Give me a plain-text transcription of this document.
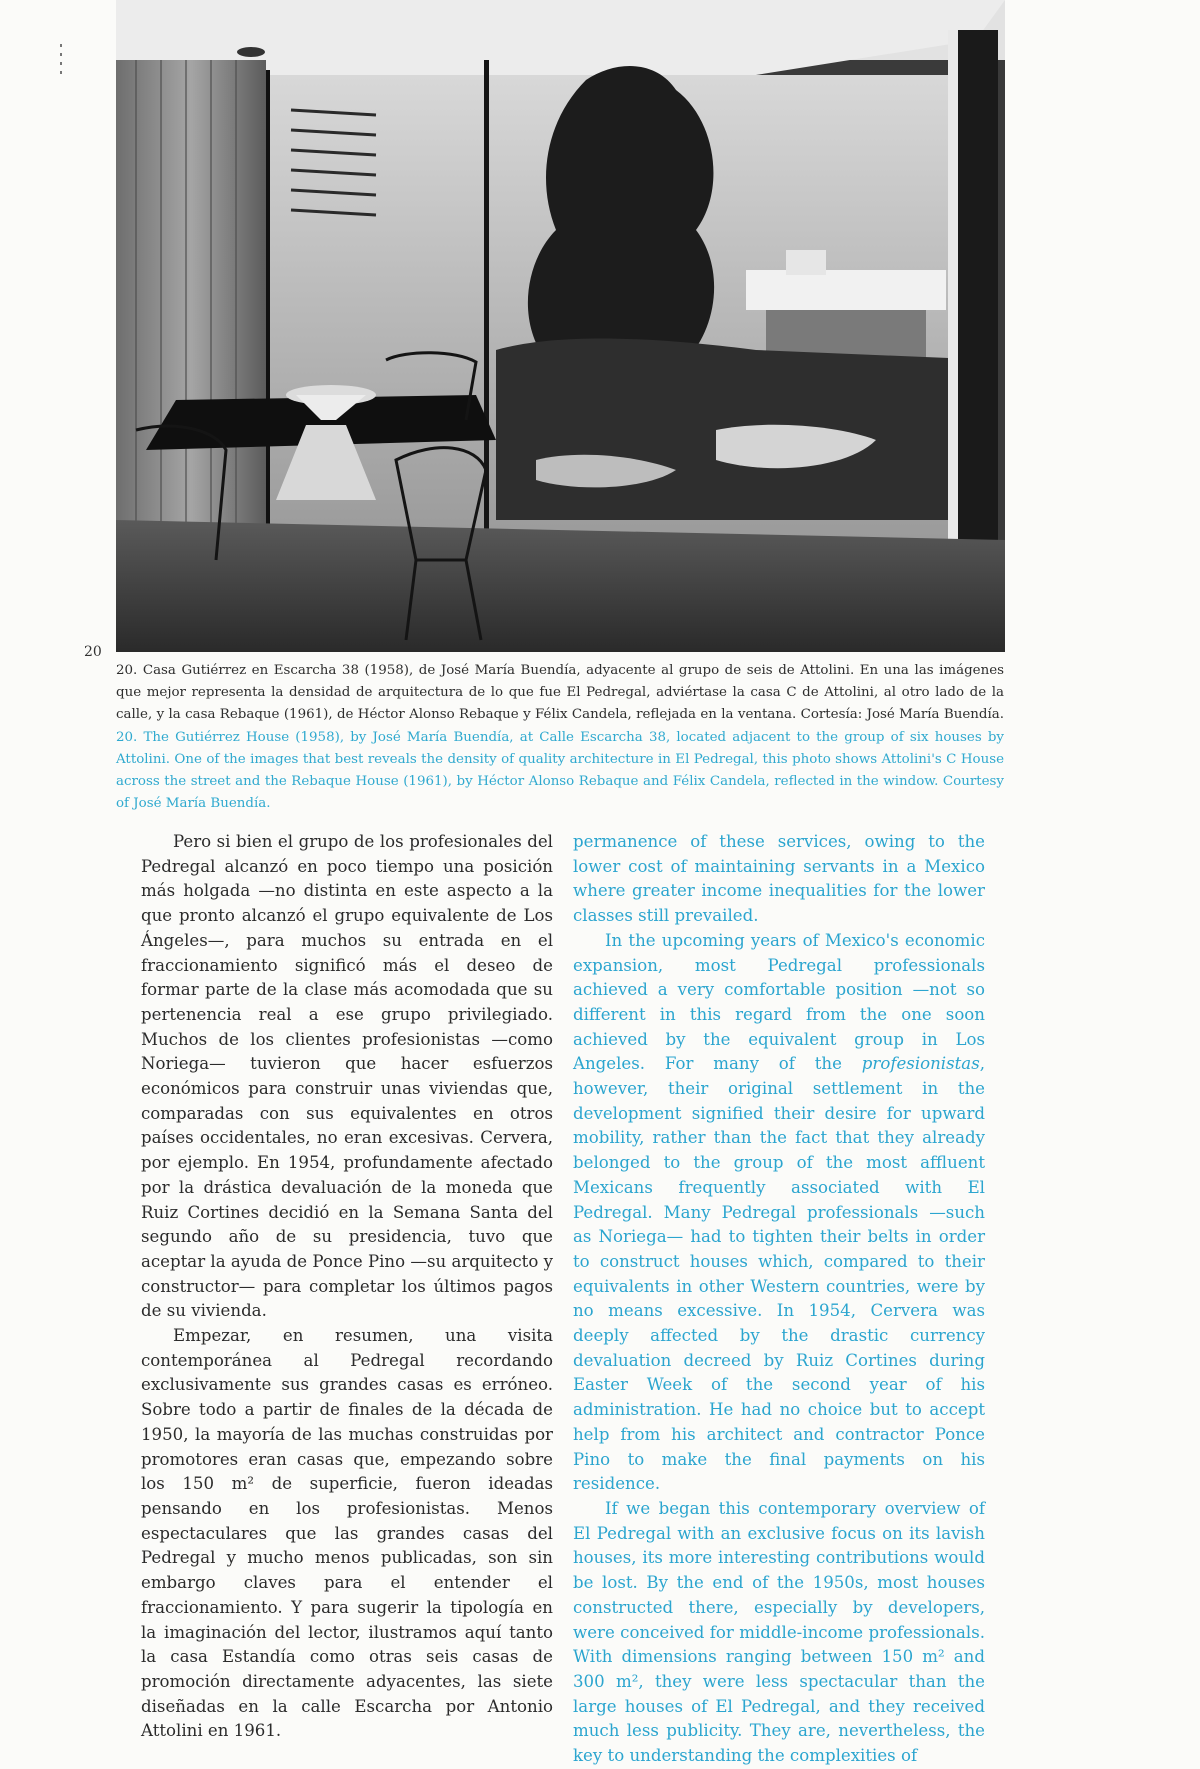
20
20. Casa Gutiérrez en Escarcha 38 (1958), de José María Buendía, adyacente al grupo de seis de Attolini. En una las imágenes que mejor representa la densidad de arquitectura de lo que fue El Pedregal, adviértase la casa C de Attolini, al otro lado de la calle, y la casa Rebaque (1961), de Héctor Alonso Rebaque y Félix Candela, reflejada en la ventana. Cortesía: José María Buendía. 20. The Gutiérrez House (1958), by José María Buendía, at Calle Escarcha 38, located adjacent to the group of six houses by Attolini. One of the images that best reveals the density of quality architecture in El Pedregal, this photo shows Attolini's C House across the street and the Rebaque House (1961), by Héctor Alonso Rebaque and Félix Candela, reflected in the window. Courtesy of José María Buendía.

Pero si bien el grupo de los profesionales del Pedregal alcanzó en poco tiempo una posición más holgada —no distinta en este aspecto a la que pronto alcanzó el grupo equivalente de Los Ángeles—, para muchos su entrada en el fraccionamiento significó más el deseo de formar parte de la clase más acomodada que su pertenencia real a ese grupo privilegiado. Muchos de los clientes profesionistas —como Noriega— tuvieron que hacer esfuerzos económicos para construir unas viviendas que, comparadas con sus equivalentes en otros países occidentales, no eran excesivas. Cervera, por ejemplo. En 1954, profundamente afectado por la drástica devaluación de la moneda que Ruiz Cortines decidió en la Semana Santa del segundo año de su presidencia, tuvo que aceptar la ayuda de Ponce Pino —su arquitecto y constructor— para completar los últimos pagos de su vivienda.

Empezar, en resumen, una visita contemporánea al Pedregal recordando exclusivamente sus grandes casas es erróneo. Sobre todo a partir de finales de la década de 1950, la mayoría de las muchas construidas por promotores eran casas que, empezando sobre los 150 m² de superficie, fueron ideadas pensando en los profesionistas. Menos espectaculares que las grandes casas del Pedregal y mucho menos publicadas, son sin embargo claves para el entender el fraccionamiento. Y para sugerir la tipología en la imaginación del lector, ilustramos aquí tanto la casa Estandía como otras seis casas de promoción directamente adyacentes, las siete diseñadas en la calle Escarcha por Antonio Attolini en 1961.

permanence of these services, owing to the lower cost of maintaining servants in a Mexico where greater income inequalities for the lower classes still prevailed.

In the upcoming years of Mexico's economic expansion, most Pedregal professionals achieved a very comfortable position —not so different in this regard from the one soon achieved by the equivalent group in Los Angeles. For many of the profesionistas, however, their original settlement in the development signified their desire for upward mobility, rather than the fact that they already belonged to the group of the most affluent Mexicans frequently associated with El Pedregal. Many Pedregal professionals —such as Noriega— had to tighten their belts in order to construct houses which, compared to their equivalents in other Western countries, were by no means excessive. In 1954, Cervera was deeply affected by the drastic currency devaluation decreed by Ruiz Cortines during Easter Week of the second year of his administration. He had no choice but to accept help from his architect and contractor Ponce Pino to make the final payments on his residence.

If we began this contemporary overview of El Pedregal with an exclusive focus on its lavish houses, its more interesting contributions would be lost. By the end of the 1950s, most houses constructed there, especially by developers, were conceived for middle-income professionals. With dimensions ranging between 150 m² and 300 m², they were less spectacular than the large houses of El Pedregal, and they received much less publicity. They are, nevertheless, the key to understanding the complexities of
